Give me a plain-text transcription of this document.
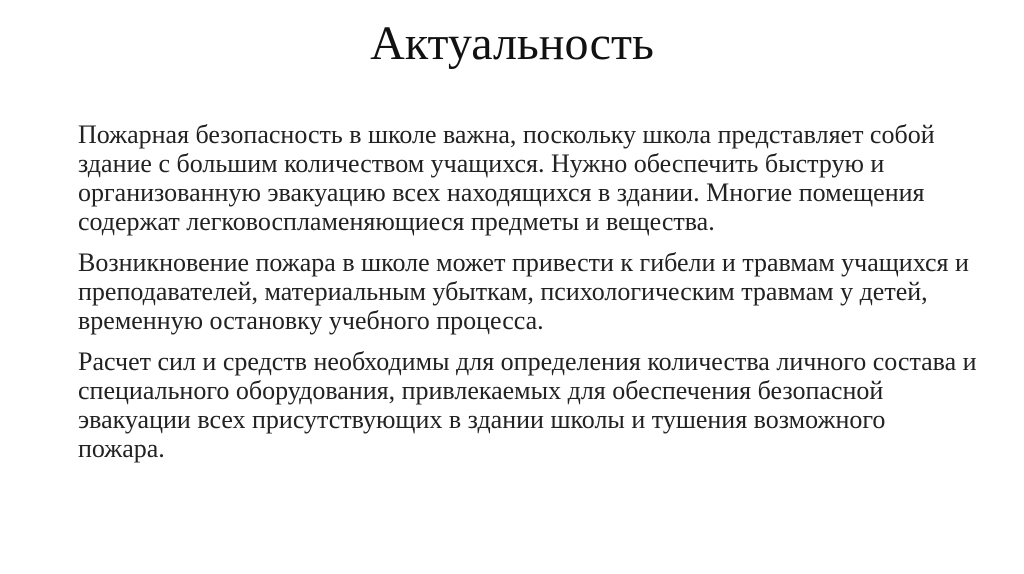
Актуальность

Пожарная безопасность в школе важна, поскольку школа представляет собой здание с большим количеством учащихся. Нужно обеспечить быструю и организованную эвакуацию всех находящихся в здании. Многие помещения содержат легковоспламеняющиеся предметы и вещества.

Возникновение пожара в школе может привести к гибели и травмам учащихся и преподавателей, материальным убыткам, психологическим травмам у детей, временную остановку учебного процесса.

Расчет сил и средств необходимы для определения количества личного состава и специального оборудования, привлекаемых для обеспечения безопасной эвакуации всех присутствующих в здании школы и тушения возможного пожара.
